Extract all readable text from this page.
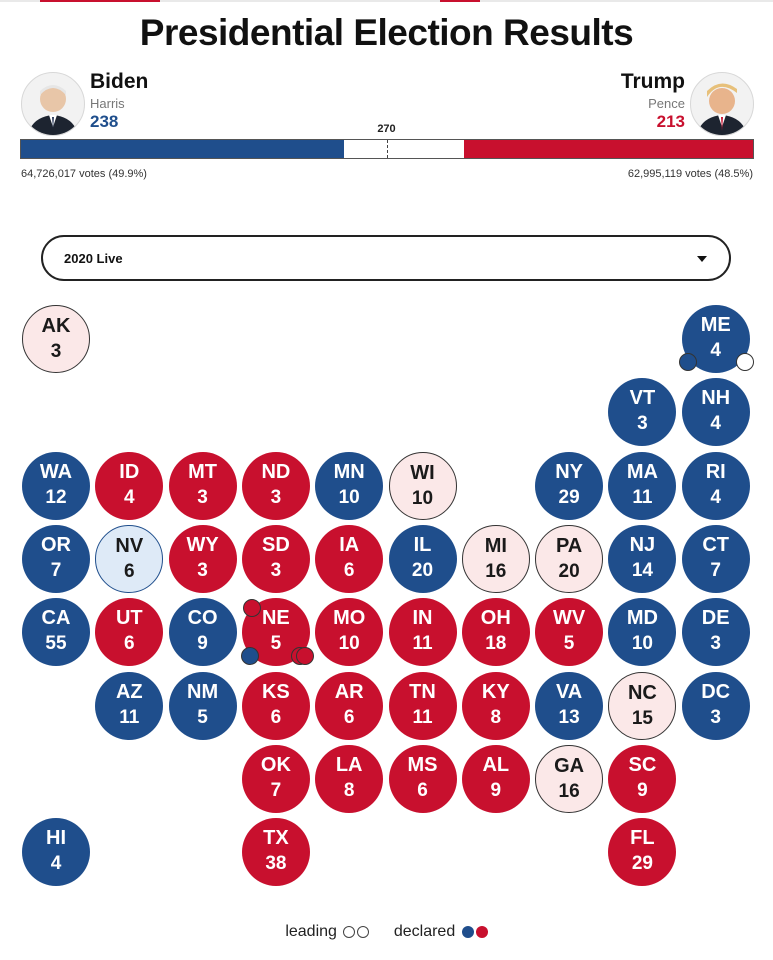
Presidential Election Results
Biden
Harris
238
Trump
Pence
213
270
64,726,017 votes (49.9%)	62,995,119 votes (48.5%)
2020 Live
AK
3
ME
4
VT
3
NH
4
WA
12
ID
4
MT
3
ND
3
MN
10
WI
10
NY
29
MA
11
RI
4
OR
7
NV
6
WY
3
SD
3
IA
6
IL
20
MI
16
PA
20
NJ
14
CT
7
CA
55
UT
6
CO
9
NE
5
MO
10
IN
11
OH
18
WV
5
MD
10
DE
3
AZ
11
NM
5
KS
6
AR
6
TN
11
KY
8
VA
13
NC
15
DC
3
OK
7
LA
8
MS
6
AL
9
GA
16
SC
9
HI
4
TX
38
FL
29
leading	declared
